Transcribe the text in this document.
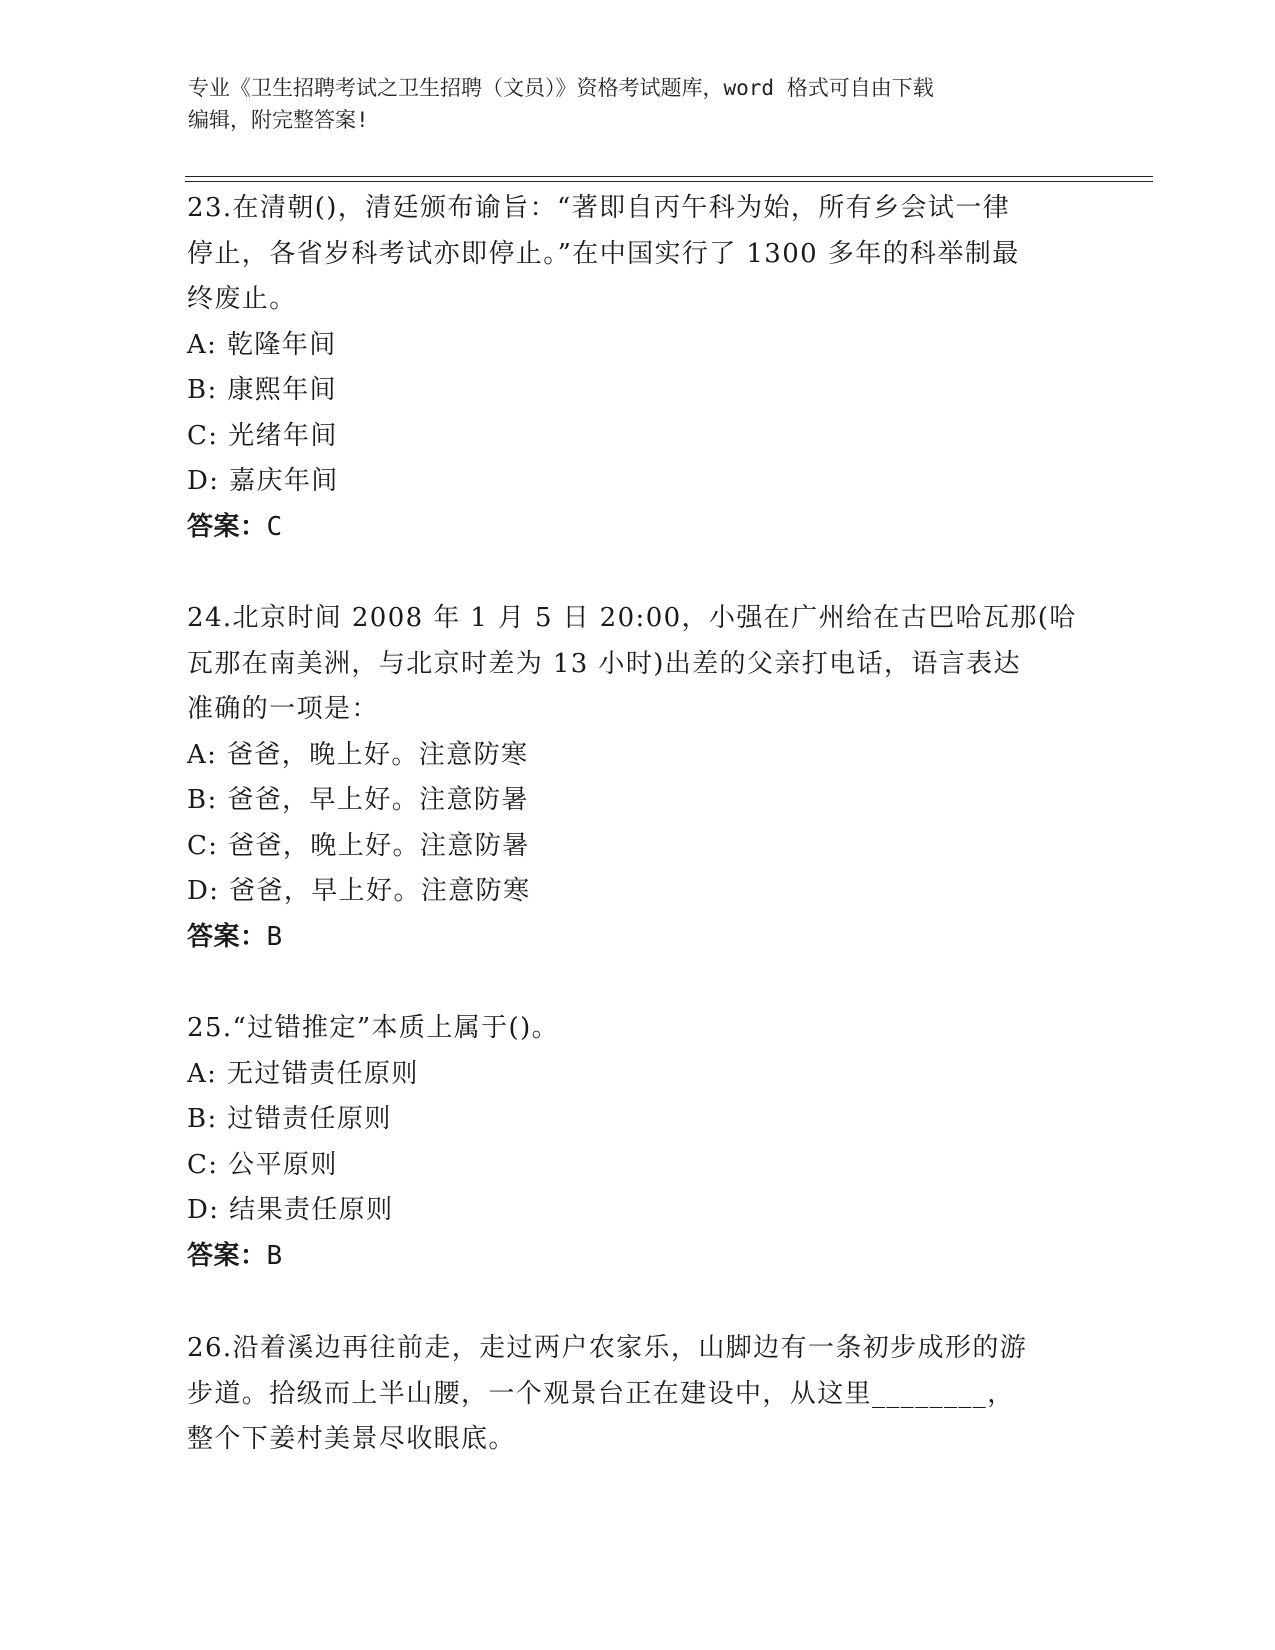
专业《卫生招聘考试之卫生招聘（文员）》资格考试题库，word 格式可自由下载
编辑，附完整答案!

23.在清朝()，清廷颁布谕旨：“著即自丙午科为始，所有乡会试一律

停止，各省岁科考试亦即停止。”在中国实行了 1300 多年的科举制最

终废止。

A: 乾隆年间

B: 康熙年间

C: 光绪年间

D: 嘉庆年间

答案：C

24.北京时间 2008 年 1 月 5 日 20:00，小强在广州给在古巴哈瓦那(哈

瓦那在南美洲，与北京时差为 13 小时)出差的父亲打电话，语言表达

准确的一项是：

A: 爸爸，晚上好。注意防寒

B: 爸爸，早上好。注意防暑

C: 爸爸，晚上好。注意防暑

D: 爸爸，早上好。注意防寒

答案：B

25.“过错推定”本质上属于()。

A: 无过错责任原则

B: 过错责任原则

C: 公平原则

D: 结果责任原则

答案：B

26.沿着溪边再往前走，走过两户农家乐，山脚边有一条初步成形的游

步道。拾级而上半山腰，一个观景台正在建设中，从这里________，

整个下姜村美景尽收眼底。
